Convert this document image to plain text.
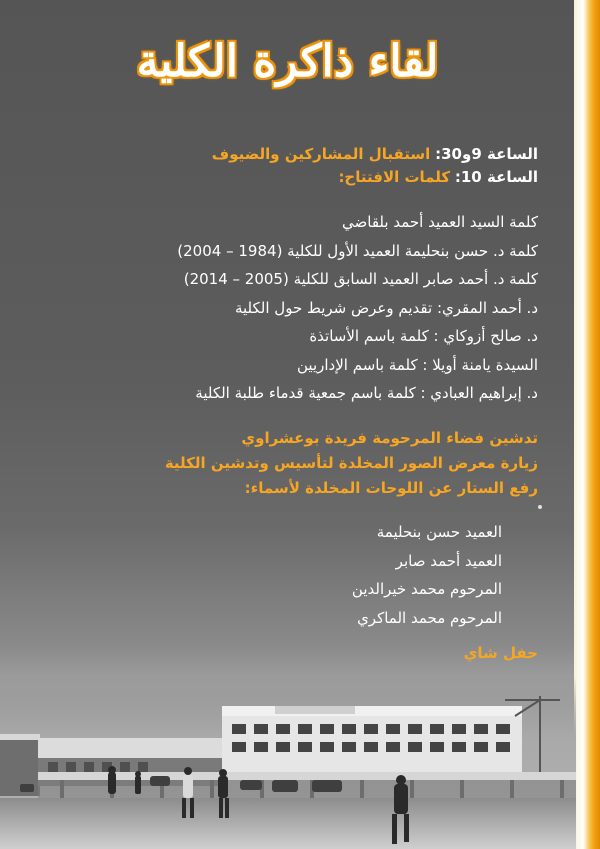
لقاء ذاكرة الكلية
الساعة 9و30: استقبال المشاركين والضيوف
الساعة 10: كلمات الافتتاح:
كلمة السيد العميد أحمد بلقاضي
كلمة د. حسن بنحليمة العميد الأول للكلية (1984 – 2004)
كلمة د. أحمد صابر العميد السابق للكلية (2005 – 2014)
د. أحمد المقري: تقديم وعرض شريط حول الكلية
د. صالح أزوكاي : كلمة باسم الأساتذة
السيدة يامنة أويلا : كلمة باسم الإداريين
د. إبراهيم العبادي : كلمة باسم جمعية قدماء طلبة الكلية
تدشين فضاء المرحومة فريدة بوعشراوي
زيارة معرض الصور المخلدة لتأسيس وتدشين الكلية
رفع الستار عن اللوحات المخلدة لأسماء:
العميد حسن بنحليمة
العميد أحمد صابر
المرحوم محمد خيرالدين
المرحوم محمد الماكري
حفل شاي
